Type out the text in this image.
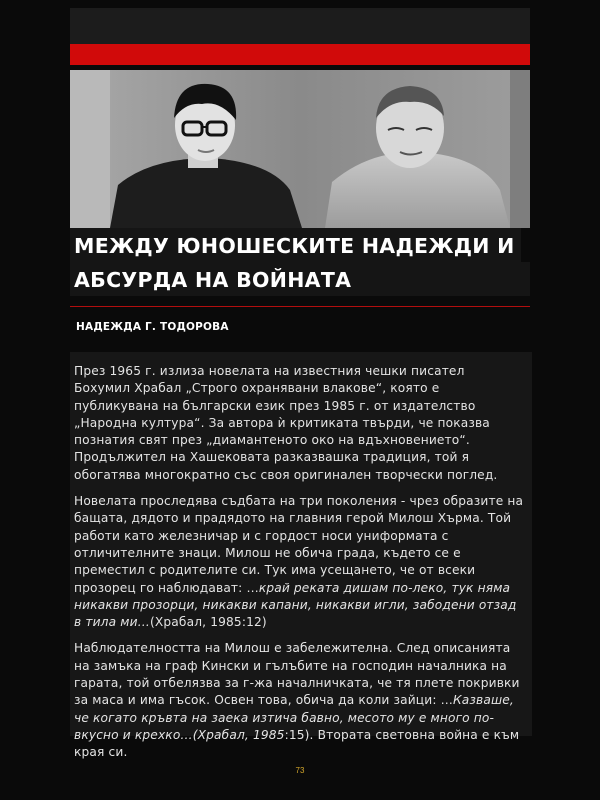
МЕЖДУ ЮНОШЕСКИТЕ НАДЕЖДИ И
АБСУРДА НА ВОЙНАТА
НАДЕЖДА Г. ТОДОРОВА

През 1965 г. излиза новелата на известния чешки писател Бохумил Храбал „Строго охранявани влакове“, която е публикувана на български език през 1985 г. от издателство „Народна култура“. За автора ѝ критиката твърди, че показва познатия свят през „диамантеното око на вдъхновението“. Продължител на Хашековата разказвашка традиция, той я обогатява многократно със своя оригинален творчески поглед.

Новелата проследява съдбата на три поколения - чрез образите на бащата, дядото и прадядото на главния герой Милош Хърма. Той работи като железничар и с гордост носи униформата с отличителните знаци. Милош не обича града, където се е преместил с родителите си. Тук има усещането, че от всеки прозорец го наблюдават: …край реката дишам по-леко, тук няма никакви прозорци, никакви капани, никакви игли, забодени отзад в тила ми…(Храбал, 1985:12)

Наблюдателността на Милош е забележителна. След описанията на замъка на граф Кински и гълъбите на господин началника на гарата, той отбелязва за г-жа началничката, че тя плете покривки за маса и има гъсок. Освен това, обича да коли зайци: …Казваше, че когато кръвта на заека изтича бавно, месото му е много по-вкусно и крехко…(Храбал, 1985:15). Втората световна война е към края си.

73
